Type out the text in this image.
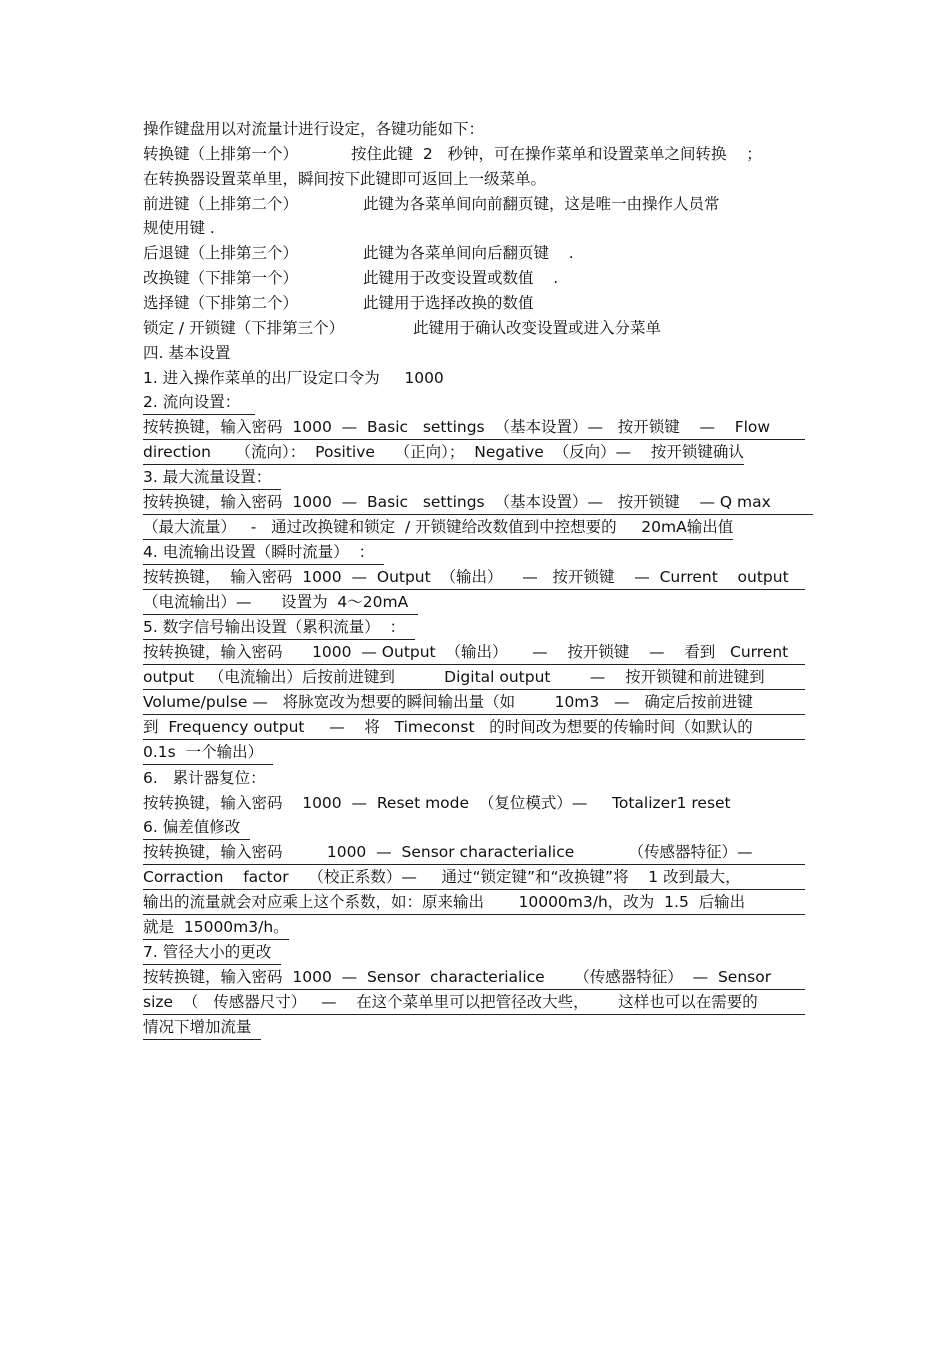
操作键盘用以对流量计进行设定，各键功能如下：
转换键（上排第一个）	按住此键  2   秒钟，可在操作菜单和设置菜单之间转换    ；
在转换器设置菜单里，瞬间按下此键即可返回上一级菜单。
前进键（上排第二个）	此键为各菜单间向前翻页键，这是唯一由操作人员常
规使用键 .
后退键（上排第三个）	此键为各菜单间向后翻页键    .
改换键（下排第一个）	此键用于改变设置或数值    .
选择键（下排第二个）	此键用于选择改换的数值
锁定 / 开锁键（下排第三个）	此键用于确认改变设置或进入分菜单
四. 基本设置
1. 进入操作菜单的出厂设定口令为     1000
2. 流向设置：
按转换键，输入密码  1000  —  Basic   settings  （基本设置）—   按开锁键    —    Flow
direction     （流向）：  Positive    （正向）；  Negative  （反向）—    按开锁键确认
3. 最大流量设置：
按转换键，输入密码  1000  —  Basic   settings  （基本设置）—   按开锁键    — Q max
（最大流量）   -   通过改换键和锁定  / 开锁键给改数值到中控想要的     20mA输出值
4. 电流输出设置（瞬时流量）  ：
按转换键，  输入密码  1000  —  Output  （输出）    —   按开锁键    —  Current    output
（电流输出）—      设置为  4～20mA
5. 数字信号输出设置（累积流量）  ：
按转换键，输入密码      1000  — Output  （输出）     —    按开锁键    —    看到   Current
output   （电流输出）后按前进键到          Digital output        —    按开锁键和前进键到
Volume/pulse —   将脉宽改为想要的瞬间输出量（如        10m3   —   确定后按前进键
到  Frequency output     —    将   Timeconst   的时间改为想要的传输时间（如默认的
0.1s  一个输出）
6.   累计器复位：
按转换键，输入密码    1000  —  Reset mode  （复位模式）—     Totalizer1 reset
6. 偏差值修改
按转换键，输入密码         1000  —  Sensor characterialice           （传感器特征）—
Corraction    factor    （校正系数）—     通过“锁定键”和“改换键”将    1 改到最大，
输出的流量就会对应乘上这个系数，如：原来输出       10000m3/h，改为  1.5  后输出
就是  15000m3/h。
7. 管径大小的更改
按转换键，输入密码  1000  —  Sensor  characterialice      （传感器特征）  —  Sensor
size  （   传感器尺寸）   —    在这个菜单里可以把管径改大些，      这样也可以在需要的
情况下增加流量
